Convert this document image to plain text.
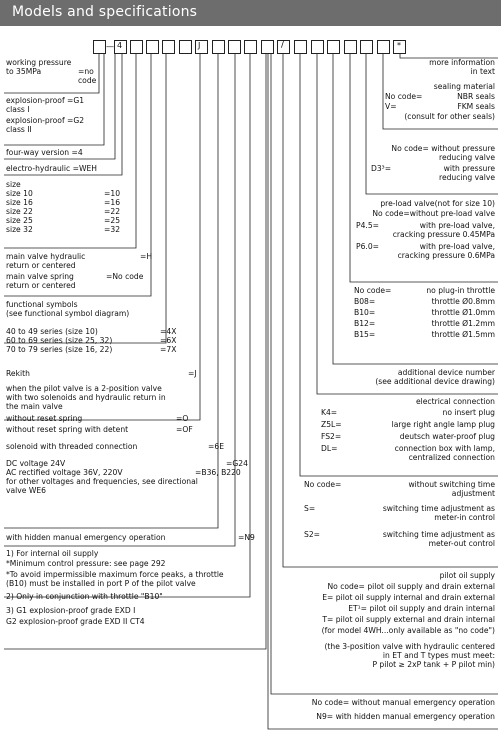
Models and specifications
— 4	J	/	*
working pressure
to 35MPa	=no
code
explosion-proof =G1
class I
explosion-proof =G2
class II
four-way version =4
electro-hydraulic =WEH
size
size 10	=10
size 16	=16
size 22	=22
size 25	=25
size 32	=32
main valve hydraulic	=H
return or centered
main valve spring	=No code
return or centered
functional symbols
(see functional symbol diagram)
40 to 49 series (size 10)	=4X
60 to 69 series (size 25, 32)	=6X
70 to 79 series (size 16, 22)	=7X
Rekith	=J
when the pilot valve is a 2-position valve
with two solenoids and hydraulic return in
the main valve
without reset spring	=O
without reset spring with detent	=OF
solenoid with threaded connection	=6E
DC voltage 24V	=G24
AC rectified voltage 36V, 220V	=B36, B220
for other voltages and frequencies, see directional
valve WE6
with hidden manual emergency operation	=N9
1) For internal oil supply
*Minimum control pressure: see page 292
*To avoid impermissible maximum force peaks, a throttle
(B10) must be installed in port P of the pilot valve
2) Only in conjunction with throttle "B10"
3) G1 explosion-proof grade EXD I
G2 explosion-proof grade EXD II CT4
more information
in text
sealing material
No code=	NBR seals
V=	FKM seals
(consult for other seals)
No code= without pressure
reducing valve
D3³=	with pressure
reducing valve
pre-load valve(not for size 10)
No code=without pre-load valve
P4.5=	with pre-load valve,
cracking pressure 0.45MPa
P6.0=	with pre-load valve,
cracking pressure 0.6MPa
No code=	no plug-in throttle
B08=	throttle Ø0.8mm
B10=	throttle Ø1.0mm
B12=	throttle Ø1.2mm
B15=	throttle Ø1.5mm
additional device number
(see additional device drawing)
electrical connection
K4=	no insert plug
Z5L=	large right angle lamp plug
FS2=	deutsch water-proof plug
DL=	connection box with lamp,
centralized connection
No code=	without switching time
adjustment
S=	switching time adjustment as
meter-in control
S2=	switching time adjustment as
meter-out control
pilot oil supply
No code= pilot oil supply and drain external
E= pilot oil supply internal and drain external
ET¹= pilot oil supply and drain internal
T= pilot oil supply external and drain internal
(for model 4WH...only available as "no code")
(the 3-position valve with hydraulic centered
in ET and T types must meet:
P pilot ≥ 2xP tank + P pilot min)
No code= without manual emergency operation
N9= with hidden manual emergency operation
